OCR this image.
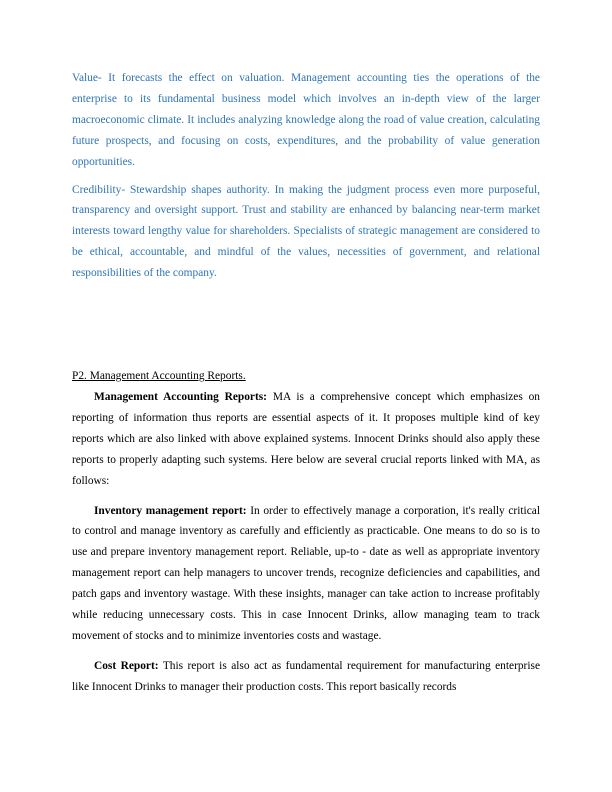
Value- It forecasts the effect on valuation. Management accounting ties the operations of the enterprise to its fundamental business model which involves an in-depth view of the larger macroeconomic climate. It includes analyzing knowledge along the road of value creation, calculating future prospects, and focusing on costs, expenditures, and the probability of value generation opportunities.

Credibility- Stewardship shapes authority. In making the judgment process even more purposeful, transparency and oversight support. Trust and stability are enhanced by balancing near-term market interests toward lengthy value for shareholders. Specialists of strategic management are considered to be ethical, accountable, and mindful of the values, necessities of government, and relational responsibilities of the company.

P2. Management Accounting Reports.

Management Accounting Reports: MA is a comprehensive concept which emphasizes on reporting of information thus reports are essential aspects of it. It proposes multiple kind of key reports which are also linked with above explained systems. Innocent Drinks should also apply these reports to properly adapting such systems. Here below are several crucial reports linked with MA, as follows:

Inventory management report: In order to effectively manage a corporation, it's really critical to control and manage inventory as carefully and efficiently as practicable. One means to do so is to use and prepare inventory management report. Reliable, up-to - date as well as appropriate inventory management report can help managers to uncover trends, recognize deficiencies and capabilities, and patch gaps and inventory wastage. With these insights, manager can take action to increase profitably while reducing unnecessary costs. This in case Innocent Drinks, allow managing team to track movement of stocks and to minimize inventories costs and wastage.

Cost Report: This report is also act as fundamental requirement for manufacturing enterprise like Innocent Drinks to manager their production costs. This report basically records
